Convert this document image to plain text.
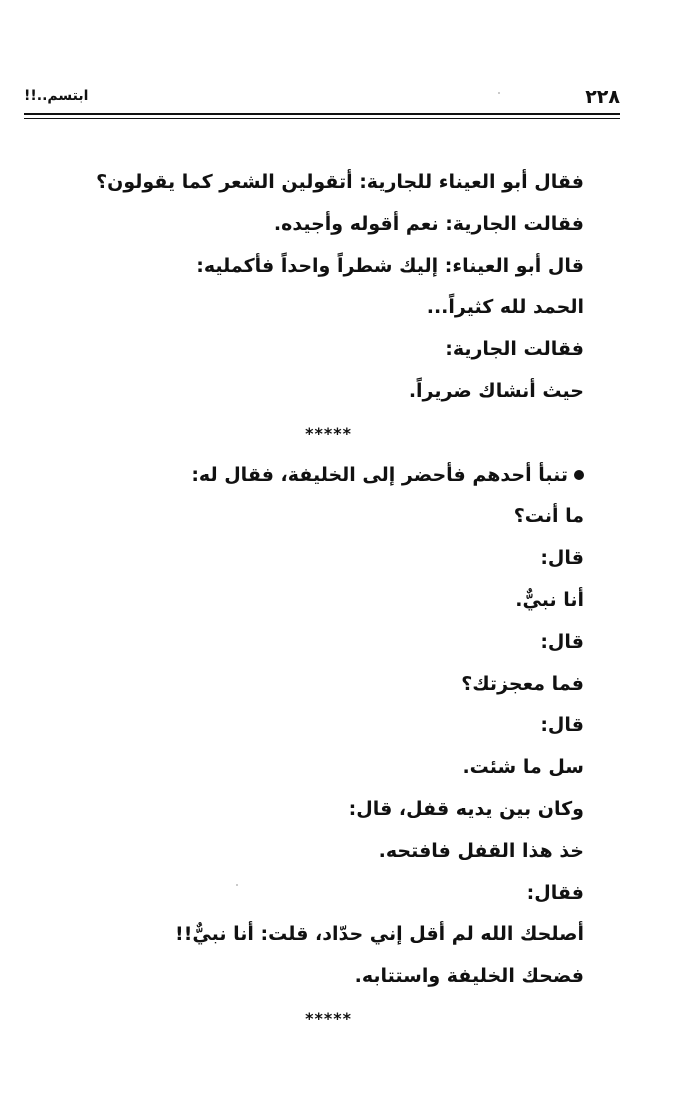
٢٢٨
ابتسم..!!
فقال أبو العيناء للجارية: أتقولين الشعر كما يقولون؟
فقالت الجارية: نعم أقوله وأجيده.
قال أبو العيناء: إليك شطراً واحداً فأكمليه:
الحمد لله كثيراً...
فقالت الجارية:
حيث أنشاك ضريراً.
*****
تنبأ أحدهم فأحضر إلى الخليفة، فقال له:
ما أنت؟
قال:
أنا نبيٌّ.
قال:
فما معجزتك؟
قال:
سل ما شئت.
وكان بين يديه قفل، قال:
خذ هذا القفل فافتحه.
فقال:
أصلحك الله لم أقل إني حدّاد، قلت: أنا نبيٌّ!!
فضحك الخليفة واستتابه.
*****
